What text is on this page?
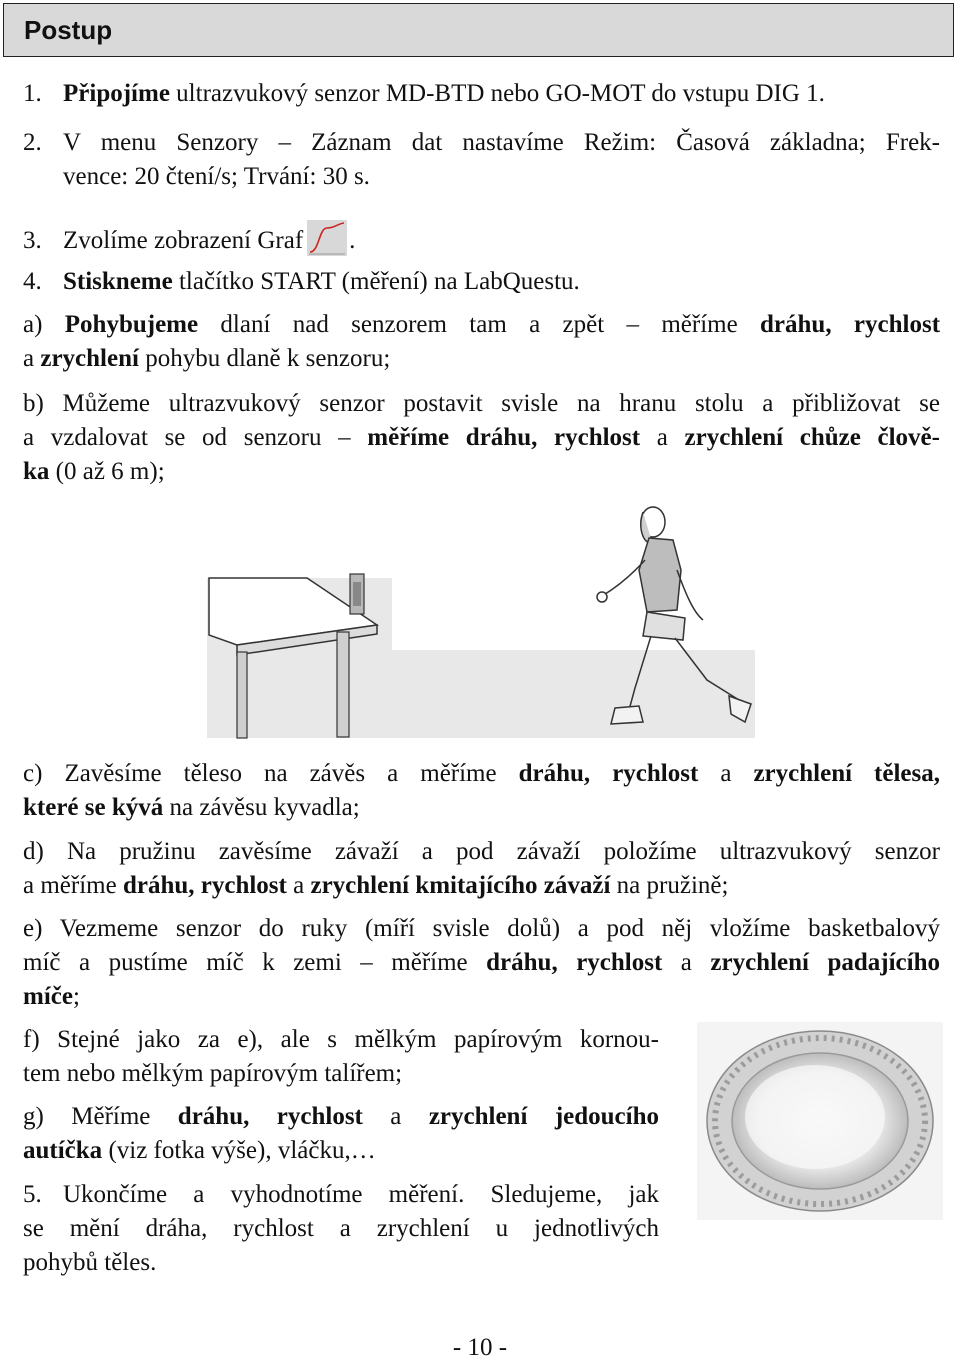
Postup
1. Připojíme ultrazvukový senzor MD-BTD nebo GO-MOT do vstupu DIG 1.
2. V menu Senzory – Záznam dat nastavíme Režim: Časová základna; Frek-
vence: 20 čtení/s; Trvání: 30 s.
3. Zvolíme zobrazení Graf .
4. Stiskneme tlačítko START (měření) na LabQuestu.
a) Pohybujeme dlaní nad senzorem tam a zpět – měříme dráhu, rychlost
a zrychlení pohybu dlaně k senzoru;
b) Můžeme ultrazvukový senzor postavit svisle na hranu stolu a přibližovat se
a vzdalovat se od senzoru – měříme dráhu, rychlost a zrychlení chůze člově-
ka (0 až 6 m);
c) Zavěsíme těleso na závěs a měříme dráhu, rychlost a zrychlení tělesa,
které se kývá na závěsu kyvadla;
d) Na pružinu zavěsíme závaží a pod závaží položíme ultrazvukový senzor
a měříme dráhu, rychlost a zrychlení kmitajícího závaží na pružině;
e) Vezmeme senzor do ruky (míří svisle dolů) a pod něj vložíme basketbalový
míč a pustíme míč k zemi – měříme dráhu, rychlost a zrychlení padajícího
míče;
f) Stejné jako za e), ale s mělkým papírovým kornou-
tem nebo mělkým papírovým talířem;
g) Měříme dráhu, rychlost a zrychlení jedoucího
autíčka (viz fotka výše), vláčku,…
5. Ukončíme a vyhodnotíme měření. Sledujeme, jak
se mění dráha, rychlost a zrychlení u jednotlivých
pohybů těles.
- 10 -
